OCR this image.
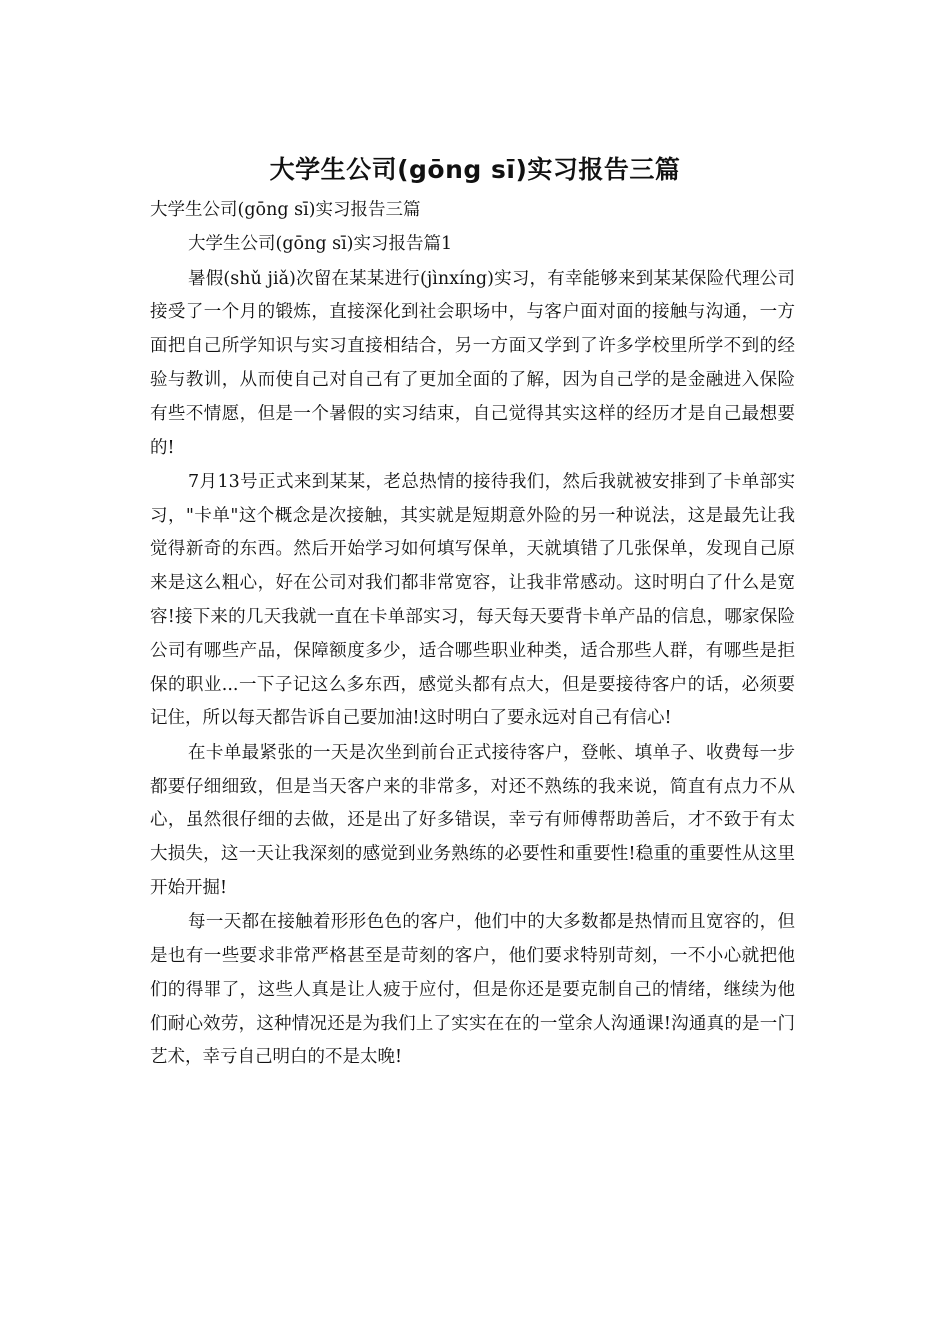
大学生公司(gōng sī)实习报告三篇

大学生公司(gōng sī)实习报告三篇

大学生公司(gōng sī)实习报告篇1

暑假(shǔ jiǎ)次留在某某进行(jìnxíng)实习，有幸能够来到某某保险代理公司接受了一个月的锻炼，直接深化到社会职场中，与客户面对面的接触与沟通，一方面把自己所学知识与实习直接相结合，另一方面又学到了许多学校里所学不到的经验与教训，从而使自己对自己有了更加全面的了解，因为自己学的是金融进入保险有些不情愿，但是一个暑假的实习结束，自己觉得其实这样的经历才是自己最想要的!

7月13号正式来到某某，老总热情的接待我们，然后我就被安排到了卡单部实习，"卡单"这个概念是次接触，其实就是短期意外险的另一种说法，这是最先让我觉得新奇的东西。然后开始学习如何填写保单，天就填错了几张保单，发现自己原来是这么粗心，好在公司对我们都非常宽容，让我非常感动。这时明白了什么是宽容!接下来的几天我就一直在卡单部实习，每天每天要背卡单产品的信息，哪家保险公司有哪些产品，保障额度多少，适合哪些职业种类，适合那些人群，有哪些是拒保的职业...一下子记这么多东西，感觉头都有点大，但是要接待客户的话，必须要记住，所以每天都告诉自己要加油!这时明白了要永远对自己有信心!

在卡单最紧张的一天是次坐到前台正式接待客户，登帐、填单子、收费每一步都要仔细细致，但是当天客户来的非常多，对还不熟练的我来说，简直有点力不从心，虽然很仔细的去做，还是出了好多错误，幸亏有师傅帮助善后，才不致于有太大损失，这一天让我深刻的感觉到业务熟练的必要性和重要性!稳重的重要性从这里开始开掘!

每一天都在接触着形形色色的客户，他们中的大多数都是热情而且宽容的，但是也有一些要求非常严格甚至是苛刻的客户，他们要求特别苛刻，一不小心就把他们的得罪了，这些人真是让人疲于应付，但是你还是要克制自己的情绪，继续为他们耐心效劳，这种情况还是为我们上了实实在在的一堂余人沟通课!沟通真的是一门艺术，幸亏自己明白的不是太晚!
